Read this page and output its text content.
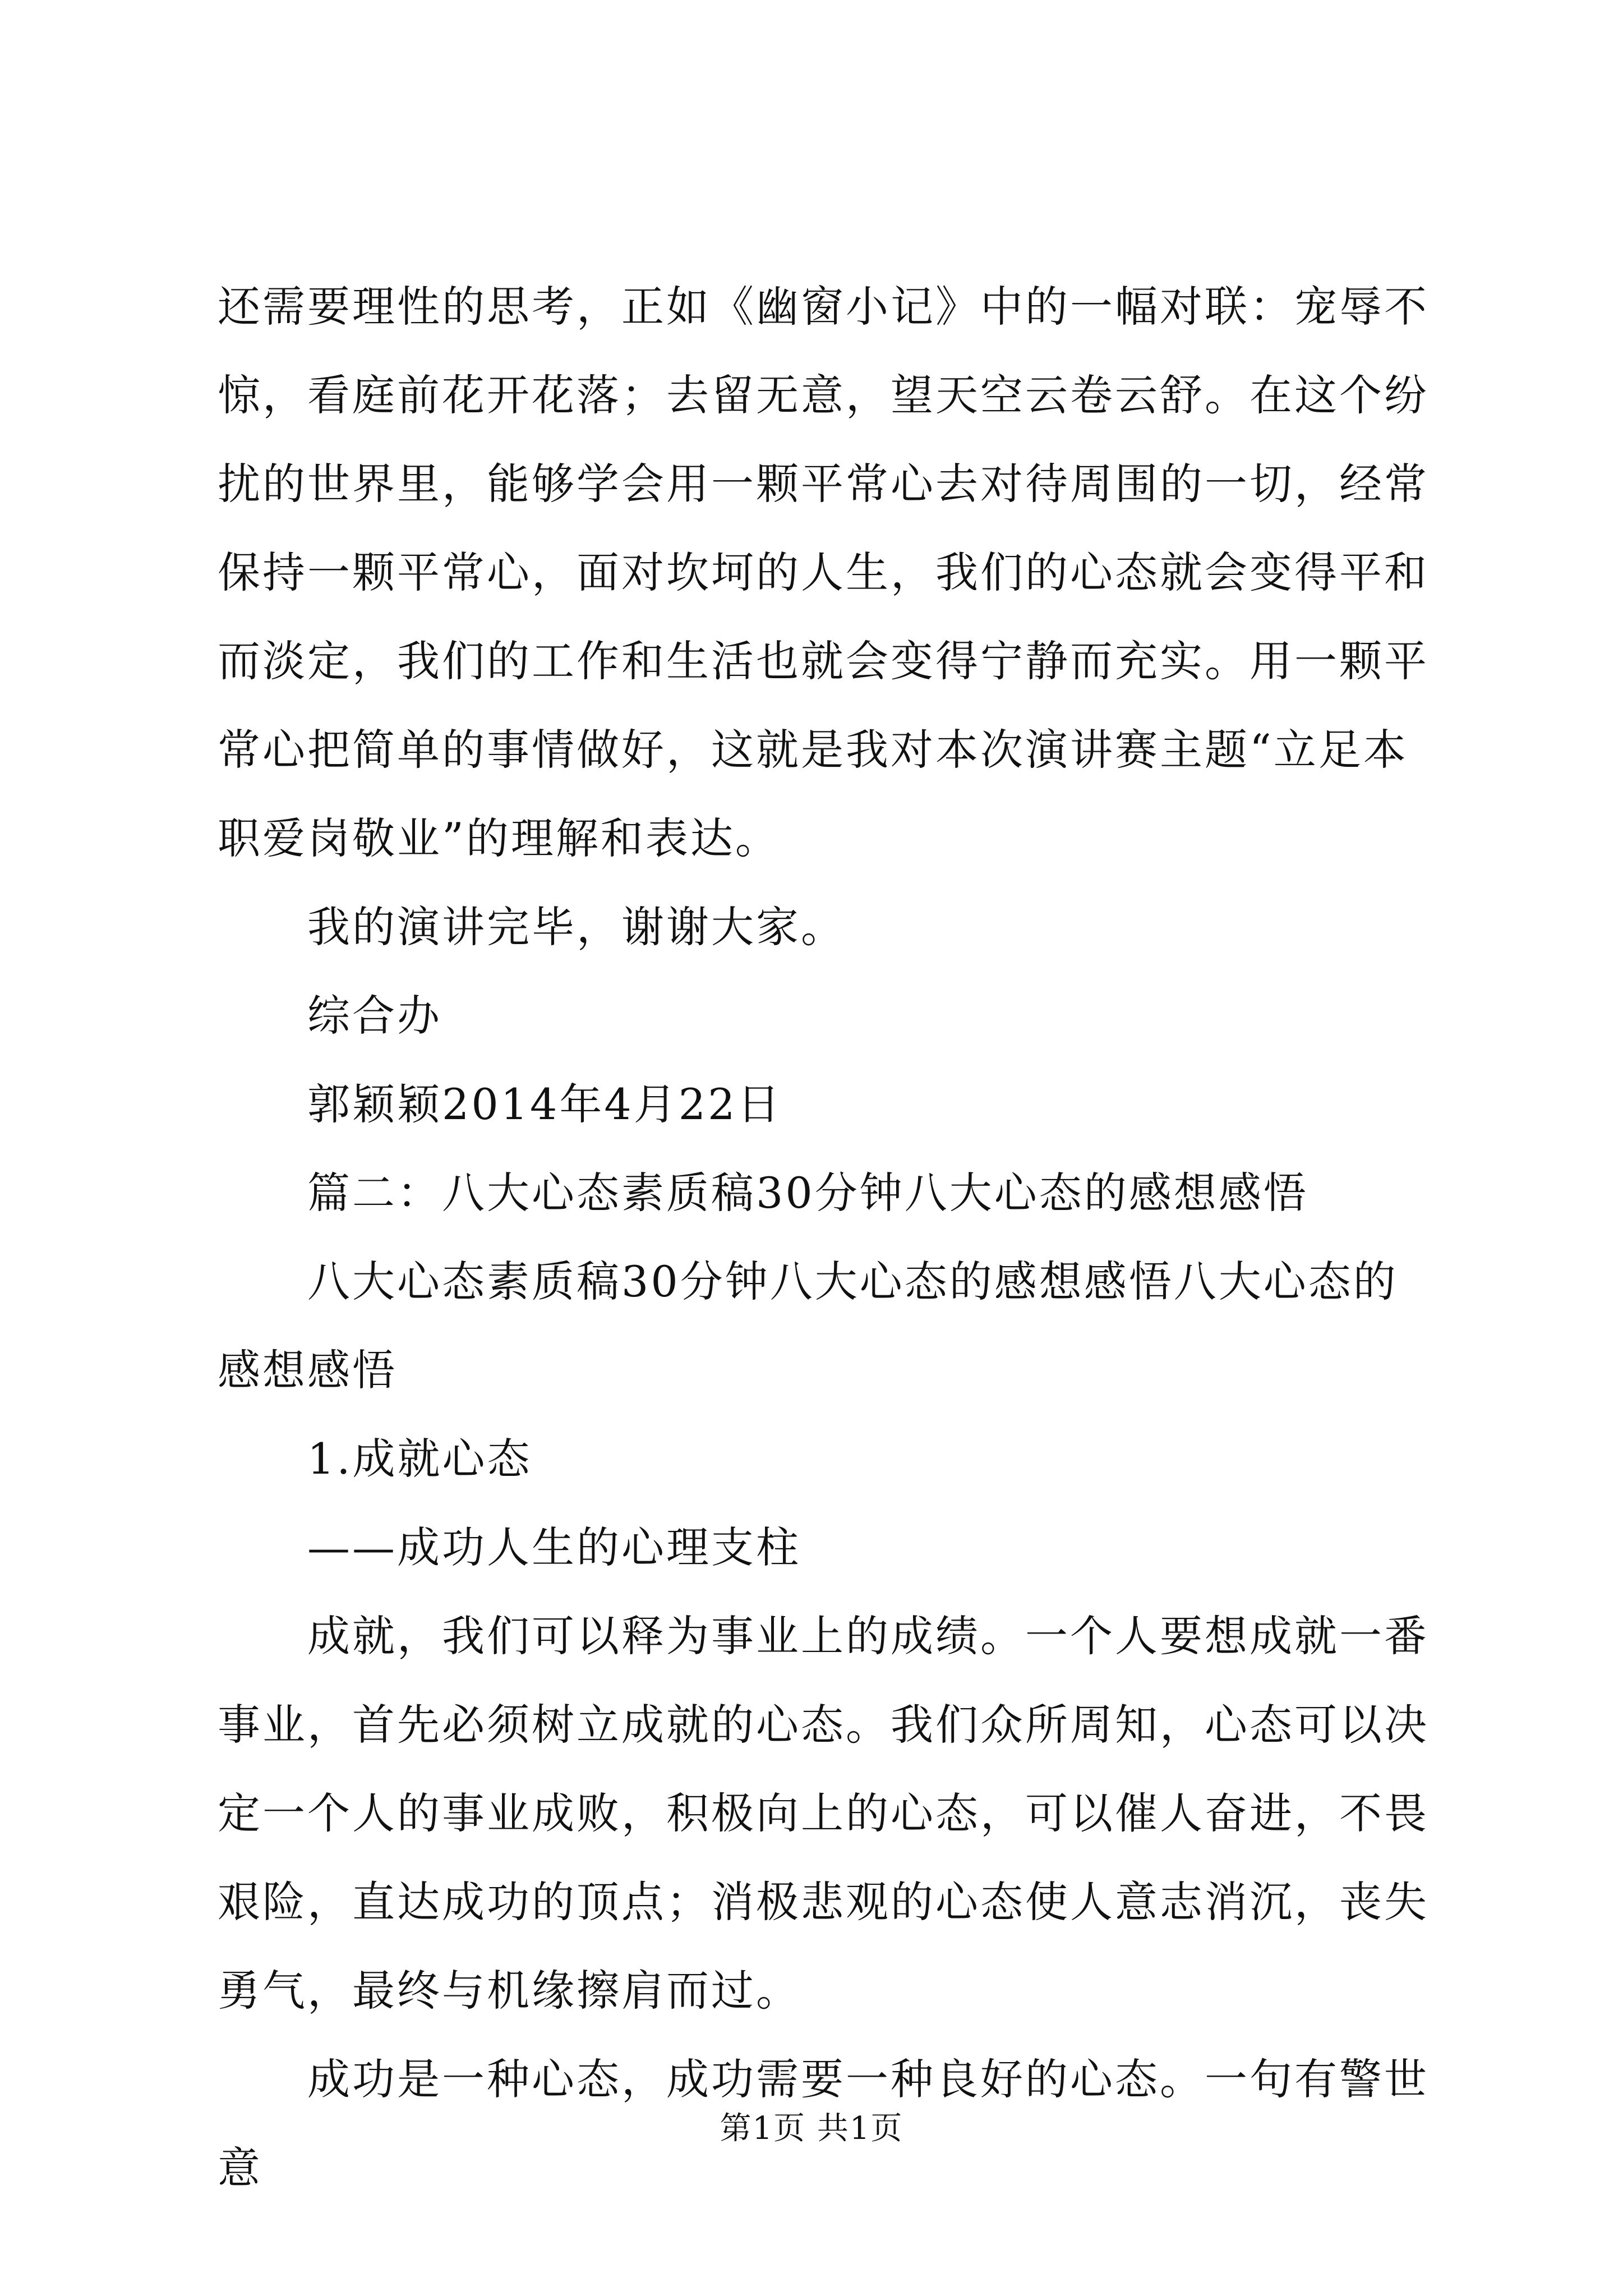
还需要理性的思考，正如《幽窗小记》中的一幅对联：宠辱不惊，看庭前花开花落；去留无意，望天空云卷云舒。在这个纷扰的世界里，能够学会用一颗平常心去对待周围的一切，经常保持一颗平常心，面对坎坷的人生，我们的心态就会变得平和而淡定，我们的工作和生活也就会变得宁静而充实。用一颗平常心把简单的事情做好，这就是我对本次演讲赛主题“立足本职爱岗敬业”的理解和表达。

我的演讲完毕，谢谢大家。

综合办

郭颖颖2014年4月22日

篇二：八大心态素质稿30分钟八大心态的感想感悟

八大心态素质稿30分钟八大心态的感想感悟八大心态的感想感悟

1.成就心态

——成功人生的心理支柱

成就，我们可以释为事业上的成绩。一个人要想成就一番事业，首先必须树立成就的心态。我们众所周知，心态可以决定一个人的事业成败，积极向上的心态，可以催人奋进，不畏艰险，直达成功的顶点；消极悲观的心态使人意志消沉，丧失勇气，最终与机缘擦肩而过。

成功是一种心态，成功需要一种良好的心态。一句有警世意

第1页 共1页
